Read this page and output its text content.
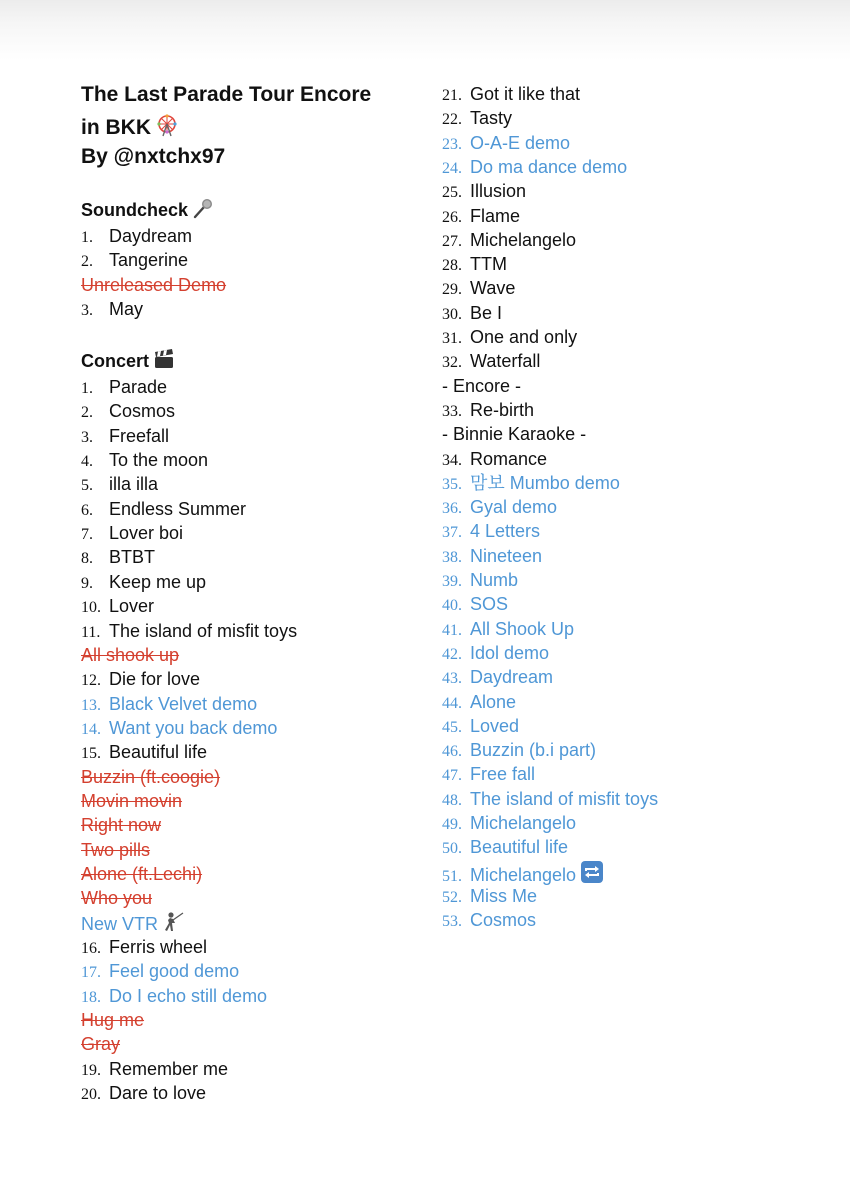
The Last Parade Tour Encore
in BKK
By @nxtchx97
Soundcheck
1. Daydream
2. Tangerine
Unreleased Demo
3. May
Concert
1. Parade
2. Cosmos
3. Freefall
4. To the moon
5. illa illa
6. Endless Summer
7. Lover boi
8. BTBT
9. Keep me up
10. Lover
11. The island of misfit toys
All shook up
12. Die for love
13. Black Velvet demo
14. Want you back demo
15. Beautiful life
Buzzin (ft.coogie)
Movin movin
Right now
Two pills
Alone (ft.Lechi)
Who you
New VTR
16. Ferris wheel
17. Feel good demo
18. Do I echo still demo
Hug me
Gray
19. Remember me
20. Dare to love
21. Got it like that
22. Tasty
23. O-A-E demo
24. Do ma dance demo
25. Illusion
26. Flame
27. Michelangelo
28. TTM
29. Wave
30. Be I
31. One and only
32. Waterfall
- Encore -
33. Re-birth
- Binnie Karaoke -
34. Romance
35. 맘보 Mumbo demo
36. Gyal demo
37. 4 Letters
38. Nineteen
39. Numb
40. SOS
41. All Shook Up
42. Idol demo
43. Daydream
44. Alone
45. Loved
46. Buzzin (b.i part)
47. Free fall
48. The island of misfit toys
49. Michelangelo
50. Beautiful life
51. Michelangelo
52. Miss Me
53. Cosmos
